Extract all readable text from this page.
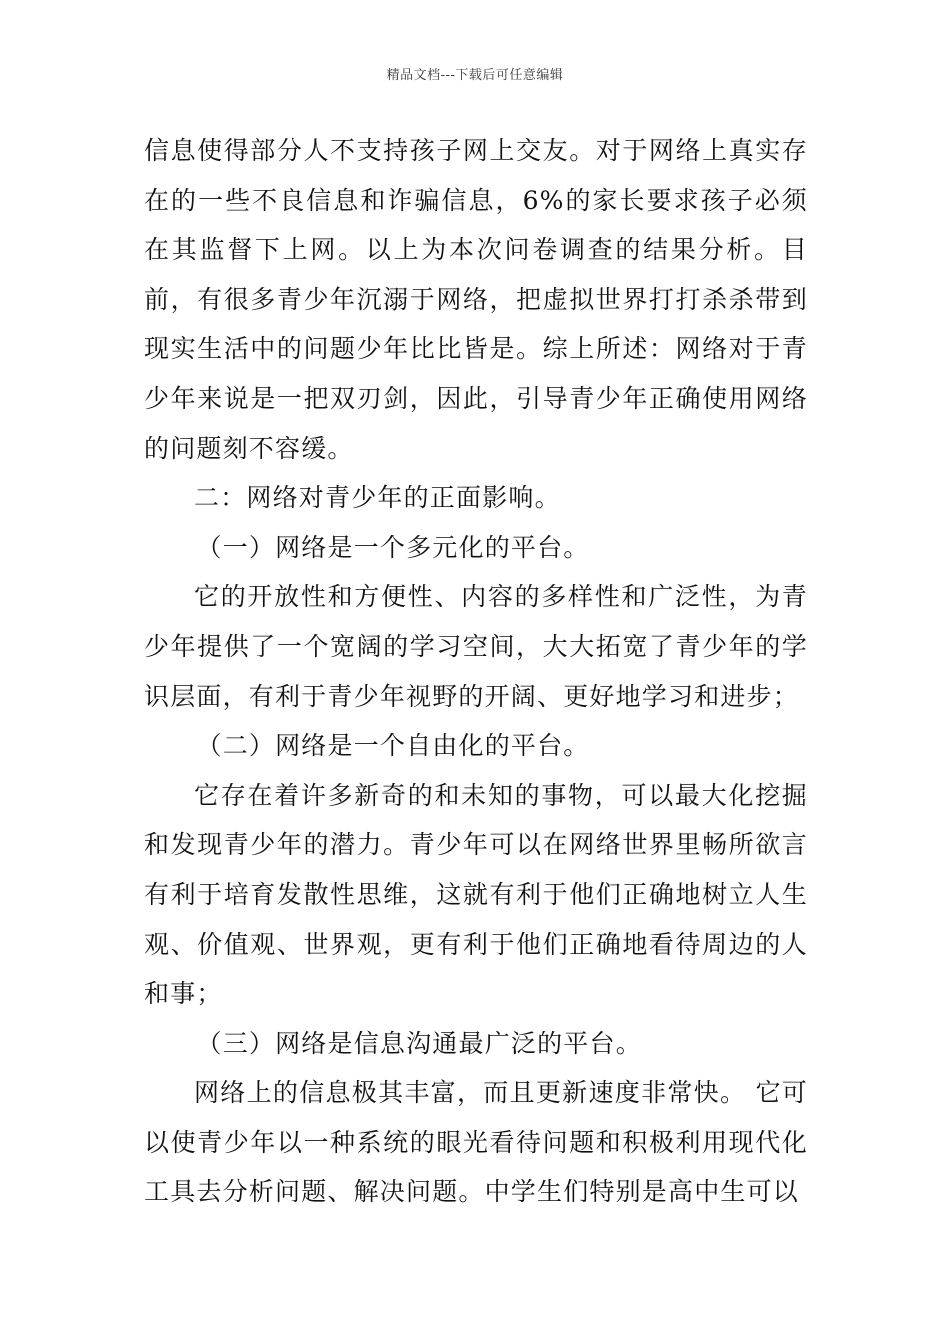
精品文档---下载后可任意编辑

信息使得部分人不支持孩子网上交友。对于网络上真实存在的一些不良信息和诈骗信息，6%的家长要求孩子必须在其监督下上网。以上为本次问卷调查的结果分析。目前，有很多青少年沉溺于网络，把虚拟世界打打杀杀带到现实生活中的问题少年比比皆是。综上所述：网络对于青少年来说是一把双刃剑，因此，引导青少年正确使用网络的问题刻不容缓。

二：网络对青少年的正面影响。

（一）网络是一个多元化的平台。

它的开放性和方便性、内容的多样性和广泛性，为青少年提供了一个宽阔的学习空间，大大拓宽了青少年的学识层面，有利于青少年视野的开阔、更好地学习和进步；

（二）网络是一个自由化的平台。

它存在着许多新奇的和未知的事物，可以最大化挖掘和发现青少年的潜力。青少年可以在网络世界里畅所欲言有利于培育发散性思维，这就有利于他们正确地树立人生观、价值观、世界观，更有利于他们正确地看待周边的人和事；

（三）网络是信息沟通最广泛的平台。

网络上的信息极其丰富，而且更新速度非常快。 它可以使青少年以一种系统的眼光看待问题和积极利用现代化工具去分析问题、解决问题。中学生们特别是高中生可以
